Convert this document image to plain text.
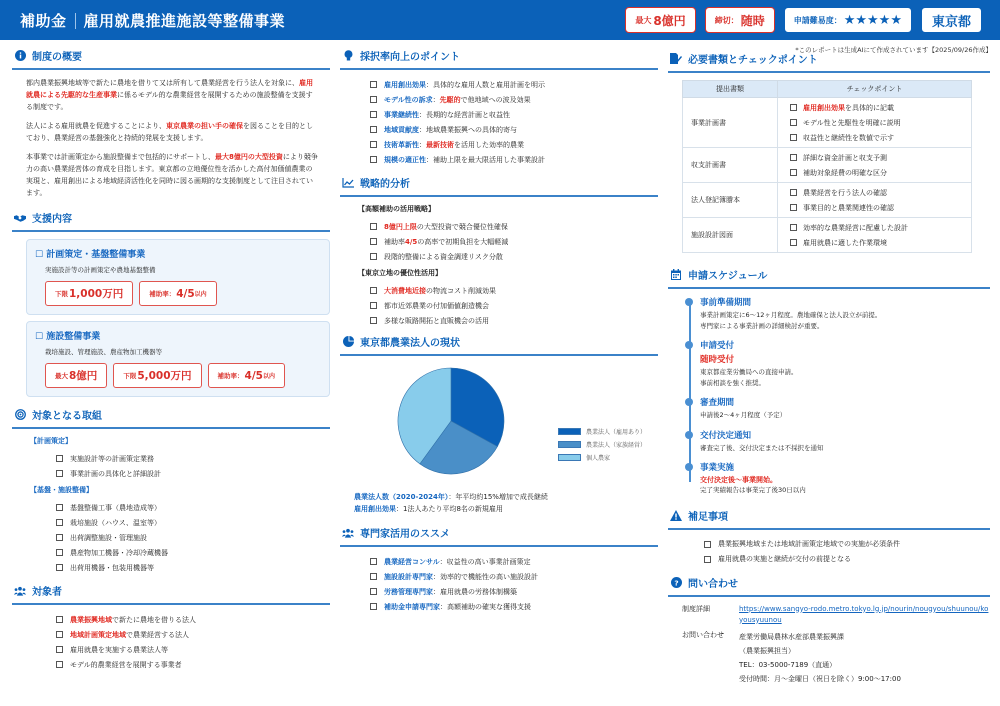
補助金 雇用就農推進施設等整備事業	最大 8億円	締切： 随時	申請難易度： ★★★★★	東京都
*このレポートは生成AIにて作成されています【2025/09/26作成】
制度の概要

都内農業振興地域等で新たに農地を借りて又は所有して農業経営を行う法人を対象に、雇用就農による先駆的な生産事業に係るモデル的な農業経営を展開するための施設整備を支援する制度です。

法人による雇用就農を促進することにより、東京農業の担い手の確保を図ることを目的としており、農業経営の基盤強化と持続的発展を支援します。

本事業では計画策定から施設整備まで包括的にサポートし、最大8億円の大型投資により競争力の高い農業経営体の育成を目指します。東京都の立地優位性を活かした高付加価値農業の実現と、雇用創出による地域経済活性化を同時に図る画期的な支援制度として注目されています。

支援内容
☐ 計画策定・基盤整備事業
実施設計等の計画策定や農地基盤整備
下限 1,000万円	補助率： 4/5 以内
☐ 施設整備事業
栽培施設、管理施設、農産物加工機器等
最大 8億円	下限 5,000万円	補助率： 4/5 以内
対象となる取組
【計画策定】
実施設計等の計画策定業務
事業計画の具体化と詳細設計
【基盤・施設整備】
基盤整備工事（農地造成等）
栽培施設（ハウス、温室等）
出荷調整施設・管理施設
農産物加工機器・冷却冷蔵機器
出荷用機器・包装用機器等
対象者
農業振興地域 で新たに農地を借りる法人
地域計画策定地域 で農業経営する法人
雇用就農を実施する農業法人等
モデル的農業経営を展開する事業者
採択率向上のポイント
雇用創出効果 ：具体的な雇用人数と雇用計画を明示
モデル性の訴求 ： 先駆的 で他地域への波及効果
事業継続性 ：長期的な経営計画と収益性
地域貢献度 ：地域農業振興への具体的寄与
技術革新性 ： 最新技術 を活用した効率的農業
規模の適正性 ：補助上限を最大限活用した事業設計
戦略的分析
【高額補助の活用戦略】
8億円上限 の大型投資で競合優位性確保
補助率 4/5 の高率で初期負担を大幅軽減
段階的整備による資金調達リスク分散
【東京立地の優位性活用】
大消費地近接 の物流コスト削減効果
都市近郊農業の付加価値創造機会
多様な販路開拓と直販機会の活用
東京都農業法人の現状
農業法人（雇用あり）
農業法人（家族経営）
個人農家
農業法人数（2020-2024年）：年平均約15%増加で成長継続
雇用創出効果：1法人あたり平均8名の新規雇用
専門家活用のススメ
農業経営コンサル ：収益性の高い事業計画策定
施設設計専門家 ：効率的で機能性の高い施設設計
労務管理専門家 ：雇用就農の労務体制構築
補助金申請専門家 ：高額補助の確実な獲得支援
必要書類とチェックポイント
提出書類	チェックポイント
事業計画書	
雇用創出効果 を具体的に記載
モデル性と先駆性を明確に説明
収益性と継続性を数値で示す

収支計画書	
詳細な資金計画と収支予測
補助対象経費の明確な区分

法人登記簿謄本	
農業経営を行う法人の確認
事業目的と農業関連性の確認

施設設計図面	
効率的な農業経営に配慮した設計
雇用就農に適した作業環境
申請スケジュール
事前準備期間
事業計画策定に6〜12ヶ月程度。農地確保と法人設立が前提。
専門家による事業計画の詳細検討が重要。
申請受付
随時受付
東京都産業労働局への直接申請。
事前相談を強く推奨。
審査期間
申請後2〜4ヶ月程度（予定）
交付決定通知
審査完了後、交付決定または不採択を通知
事業実施
交付決定後〜事業開始。
完了実績報告は事業完了後30日以内
補足事項
農業振興地域または地域計画策定地域での実施が必須条件
雇用就農の実施と継続が交付の前提となる
? 問い合わせ
制度詳細	https://www.sangyo-rodo.metro.tokyo.lg.jp/nourin/nougyou/shuunou/koyousyuunou
お問い合わせ	産業労働局農林水産部農業振興課
（農業振興担当）
TEL：03-5000-7189（直通）
受付時間：月〜金曜日（祝日を除く）9:00〜17:00
